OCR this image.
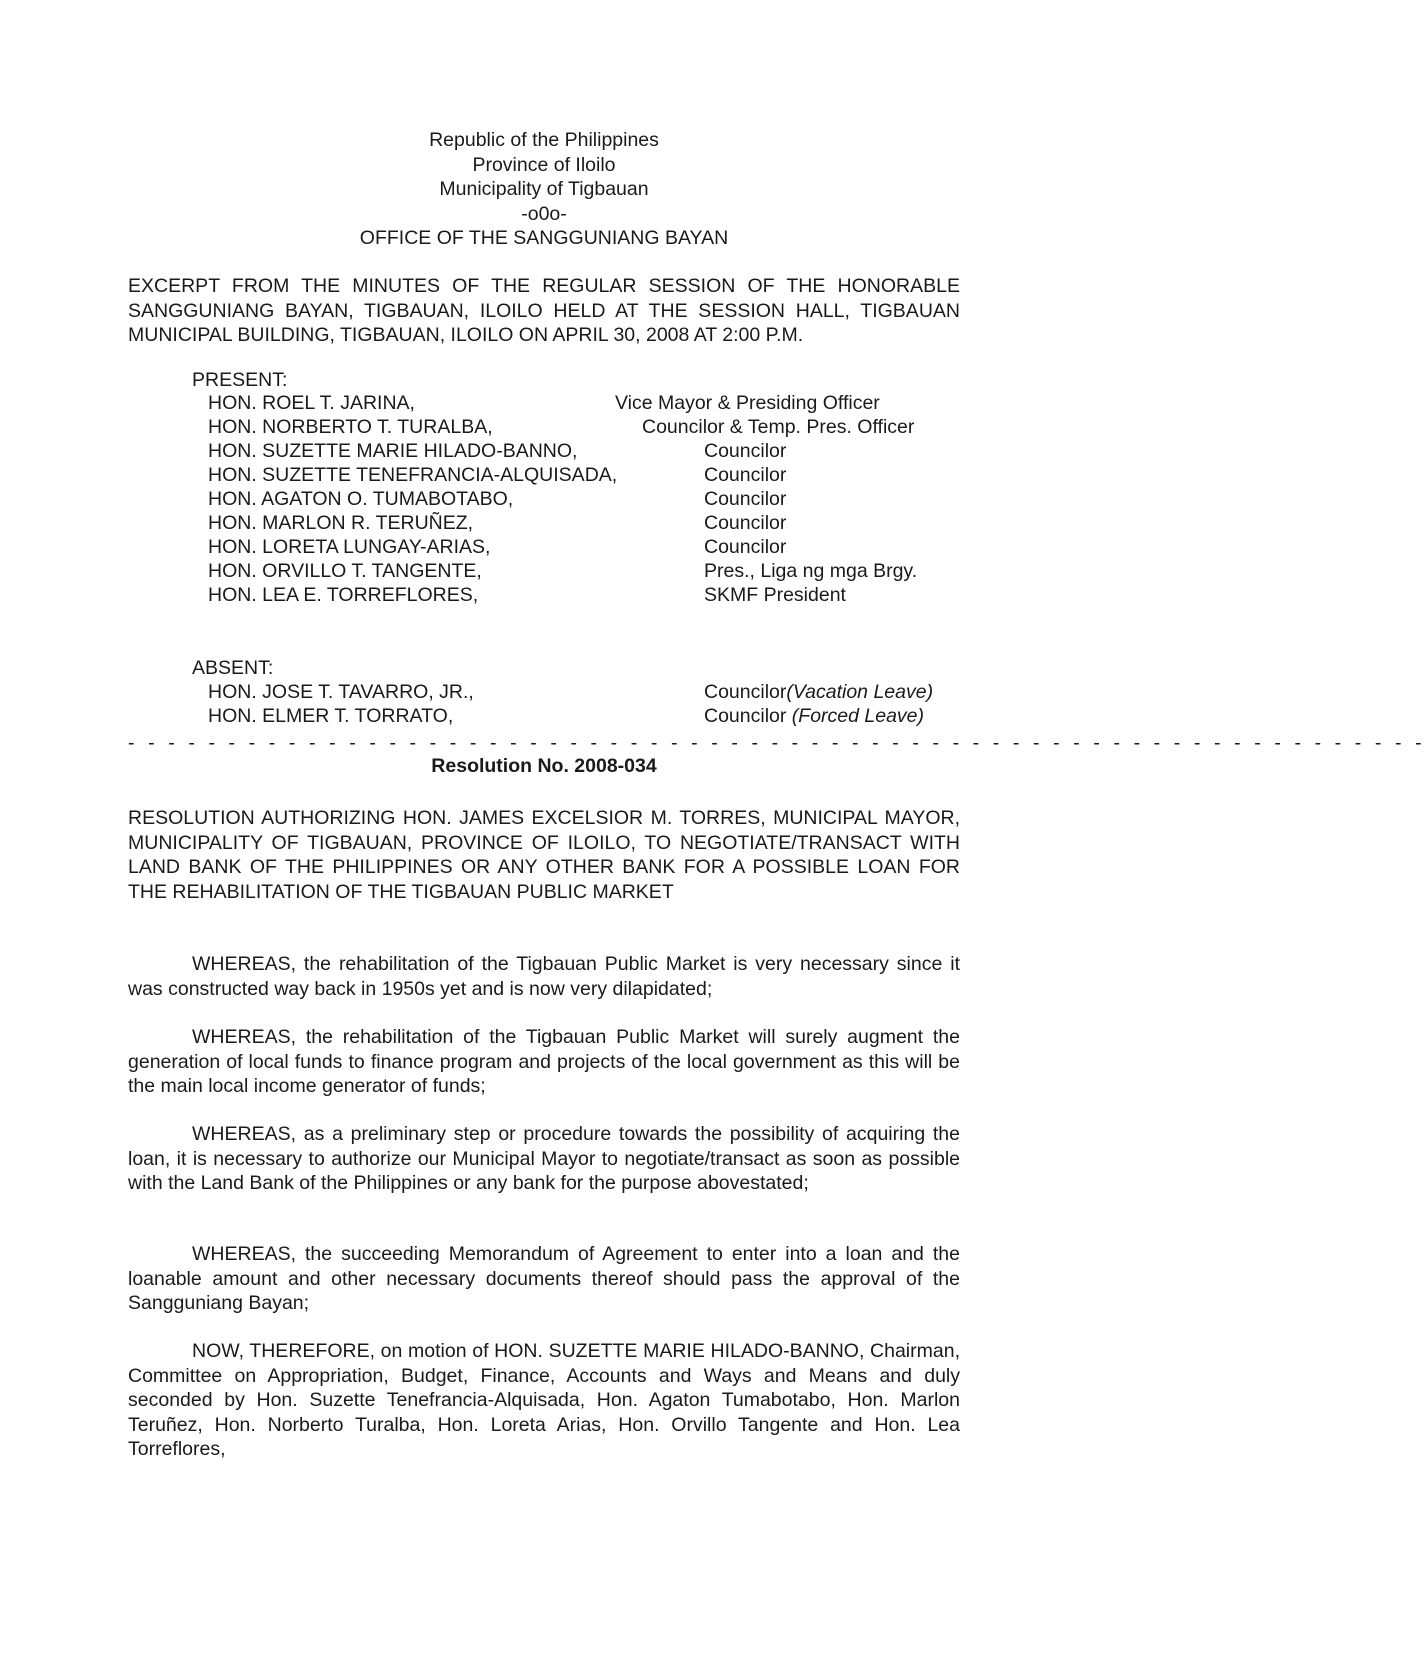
Republic of the Philippines
Province of Iloilo
Municipality of Tigbauan
-o0o-
OFFICE OF THE SANGGUNIANG BAYAN
EXCERPT FROM THE MINUTES OF THE REGULAR SESSION OF THE HONORABLE SANGGUNIANG BAYAN, TIGBAUAN, ILOILO HELD AT THE SESSION HALL, TIGBAUAN MUNICIPAL BUILDING, TIGBAUAN, ILOILO ON APRIL 30, 2008 AT 2:00 P.M.
PRESENT:
HON. ROEL T. JARINA,	Vice Mayor & Presiding Officer
HON. NORBERTO T. TURALBA,	Councilor & Temp. Pres. Officer
HON. SUZETTE MARIE HILADO-BANNO,	Councilor
HON. SUZETTE TENEFRANCIA-ALQUISADA,	Councilor
HON. AGATON O. TUMABOTABO,	Councilor
HON. MARLON R. TERUÑEZ,	Councilor
HON. LORETA LUNGAY-ARIAS,	Councilor
HON. ORVILLO T. TANGENTE,	Pres., Liga ng mga Brgy.
HON. LEA E. TORREFLORES,	SKMF President
ABSENT:
HON. JOSE T. TAVARRO, JR.,	Councilor(Vacation Leave)
HON. ELMER T. TORRATO,	Councilor (Forced Leave)
- - - - - - - - - - - - - - - - - - - - - - - - - - - - - - - - - - - - - - - - - - - - - - - - - - - - - - - - - - - - - - - - -
Resolution No. 2008-034
RESOLUTION AUTHORIZING HON. JAMES EXCELSIOR M. TORRES, MUNICIPAL MAYOR, MUNICIPALITY OF TIGBAUAN, PROVINCE OF ILOILO, TO NEGOTIATE/TRANSACT WITH LAND BANK OF THE PHILIPPINES OR ANY OTHER BANK FOR A POSSIBLE LOAN FOR THE REHABILITATION OF THE TIGBAUAN PUBLIC MARKET
WHEREAS, the rehabilitation of the Tigbauan Public Market is very necessary since it was constructed way back in 1950s yet and is now very dilapidated;
WHEREAS, the rehabilitation of the Tigbauan Public Market will surely augment the generation of local funds to finance program and projects of the local government as this will be the main local income generator of funds;
WHEREAS, as a preliminary step or procedure towards the possibility of acquiring the loan, it is necessary to authorize our Municipal Mayor to negotiate/transact as soon as possible with the Land Bank of the Philippines or any bank for the purpose abovestated;
WHEREAS, the succeeding Memorandum of Agreement to enter into a loan and the loanable amount and other necessary documents thereof should pass the approval of the Sangguniang Bayan;
NOW, THEREFORE, on motion of HON. SUZETTE MARIE HILADO-BANNO, Chairman, Committee on Appropriation, Budget, Finance, Accounts and Ways and Means and duly seconded by Hon. Suzette Tenefrancia-Alquisada, Hon. Agaton Tumabotabo, Hon. Marlon Teruñez, Hon. Norberto Turalba, Hon. Loreta Arias, Hon. Orvillo Tangente and Hon. Lea Torreflores,
